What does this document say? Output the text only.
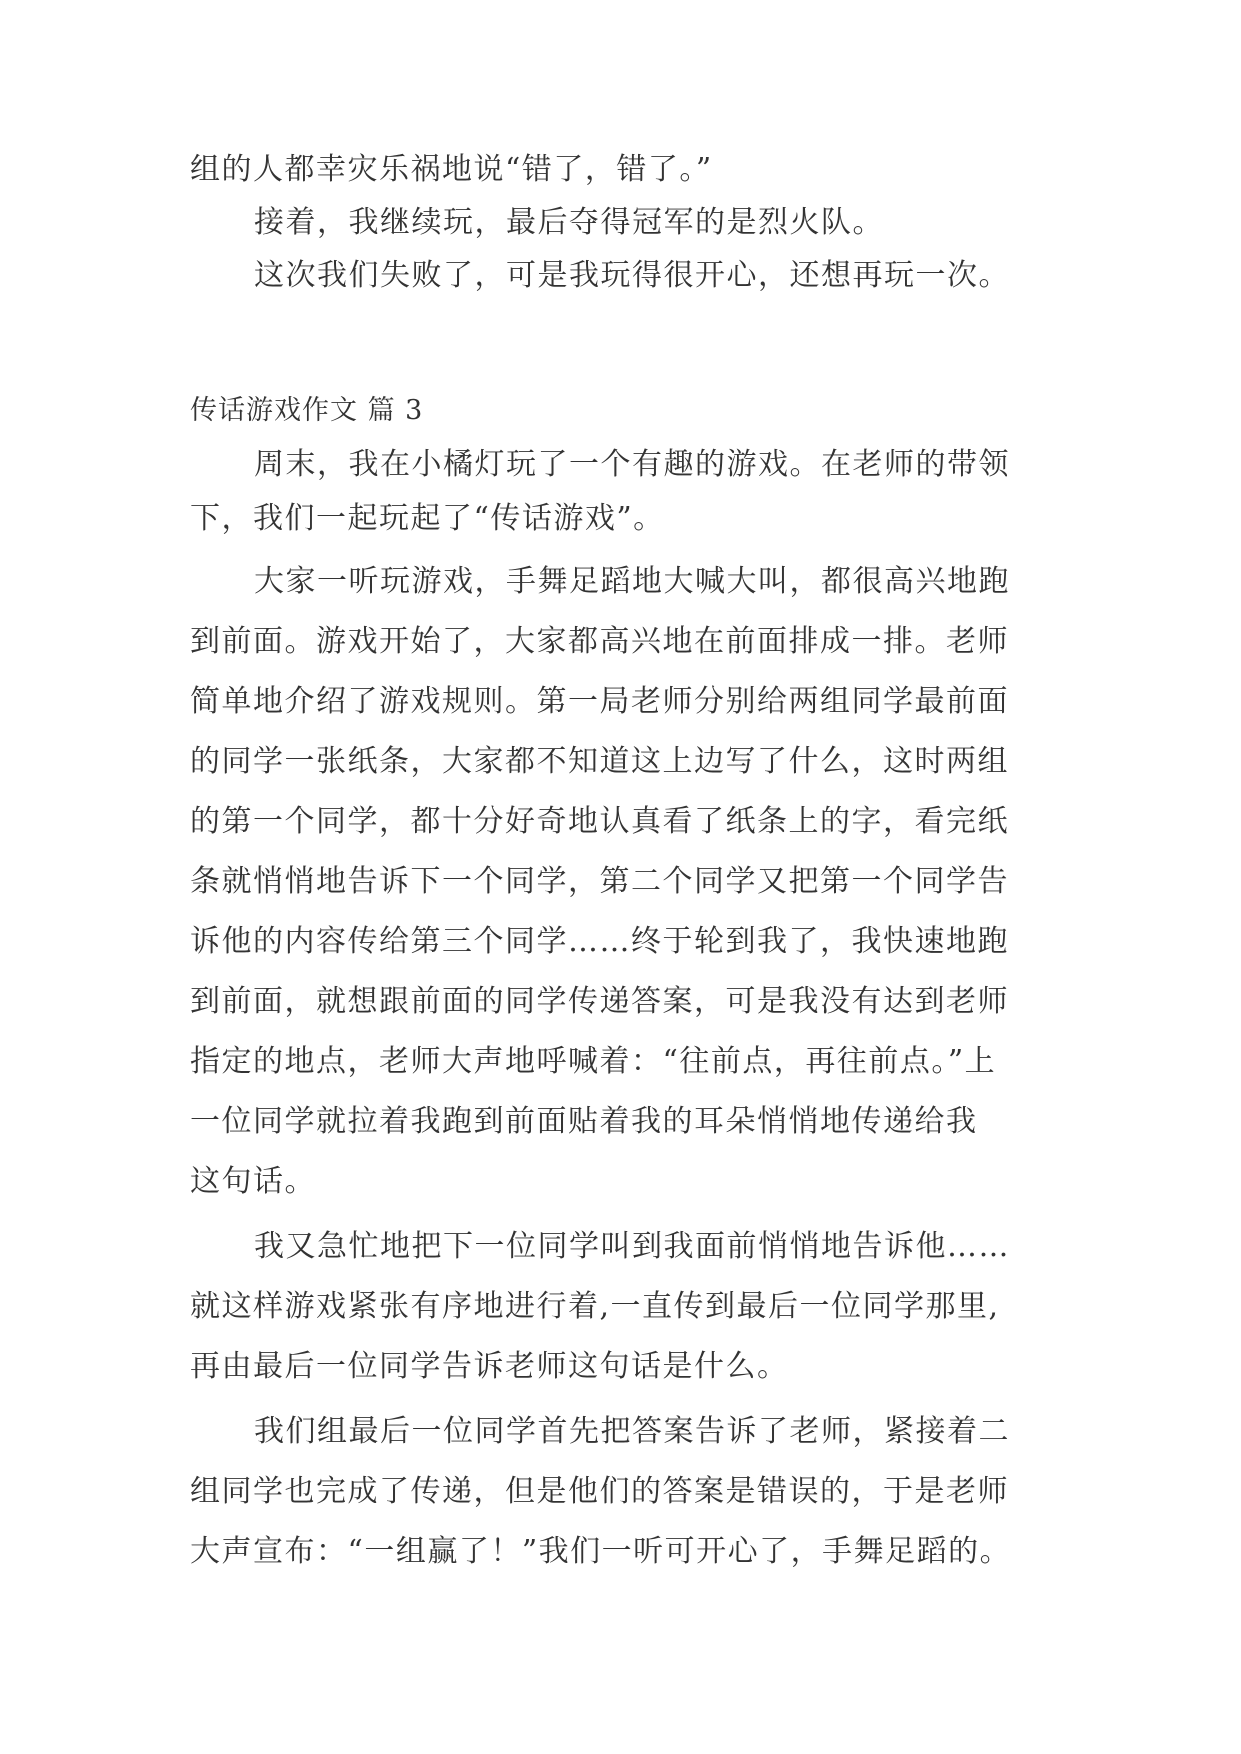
组的人都幸灾乐祸地说“错了，错了。”
接着，我继续玩，最后夺得冠军的是烈火队。
这次我们失败了，可是我玩得很开心，还想再玩一次。
传话游戏作文 篇 3
周末，我在小橘灯玩了一个有趣的游戏。在老师的带领
下，我们一起玩起了“传话游戏”。
大家一听玩游戏，手舞足蹈地大喊大叫，都很高兴地跑
到前面。游戏开始了，大家都高兴地在前面排成一排。老师
简单地介绍了游戏规则。第一局老师分别给两组同学最前面
的同学一张纸条，大家都不知道这上边写了什么，这时两组
的第一个同学，都十分好奇地认真看了纸条上的字，看完纸
条就悄悄地告诉下一个同学，第二个同学又把第一个同学告
诉他的内容传给第三个同学……终于轮到我了，我快速地跑
到前面，就想跟前面的同学传递答案，可是我没有达到老师
指定的地点，老师大声地呼喊着：“往前点，再往前点。”上
一位同学就拉着我跑到前面贴着我的耳朵悄悄地传递给我
这句话。
我又急忙地把下一位同学叫到我面前悄悄地告诉他……
就这样游戏紧张有序地进行着,一直传到最后一位同学那里,
再由最后一位同学告诉老师这句话是什么。
我们组最后一位同学首先把答案告诉了老师，紧接着二
组同学也完成了传递，但是他们的答案是错误的，于是老师
大声宣布：“一组赢了！”我们一听可开心了，手舞足蹈的。
